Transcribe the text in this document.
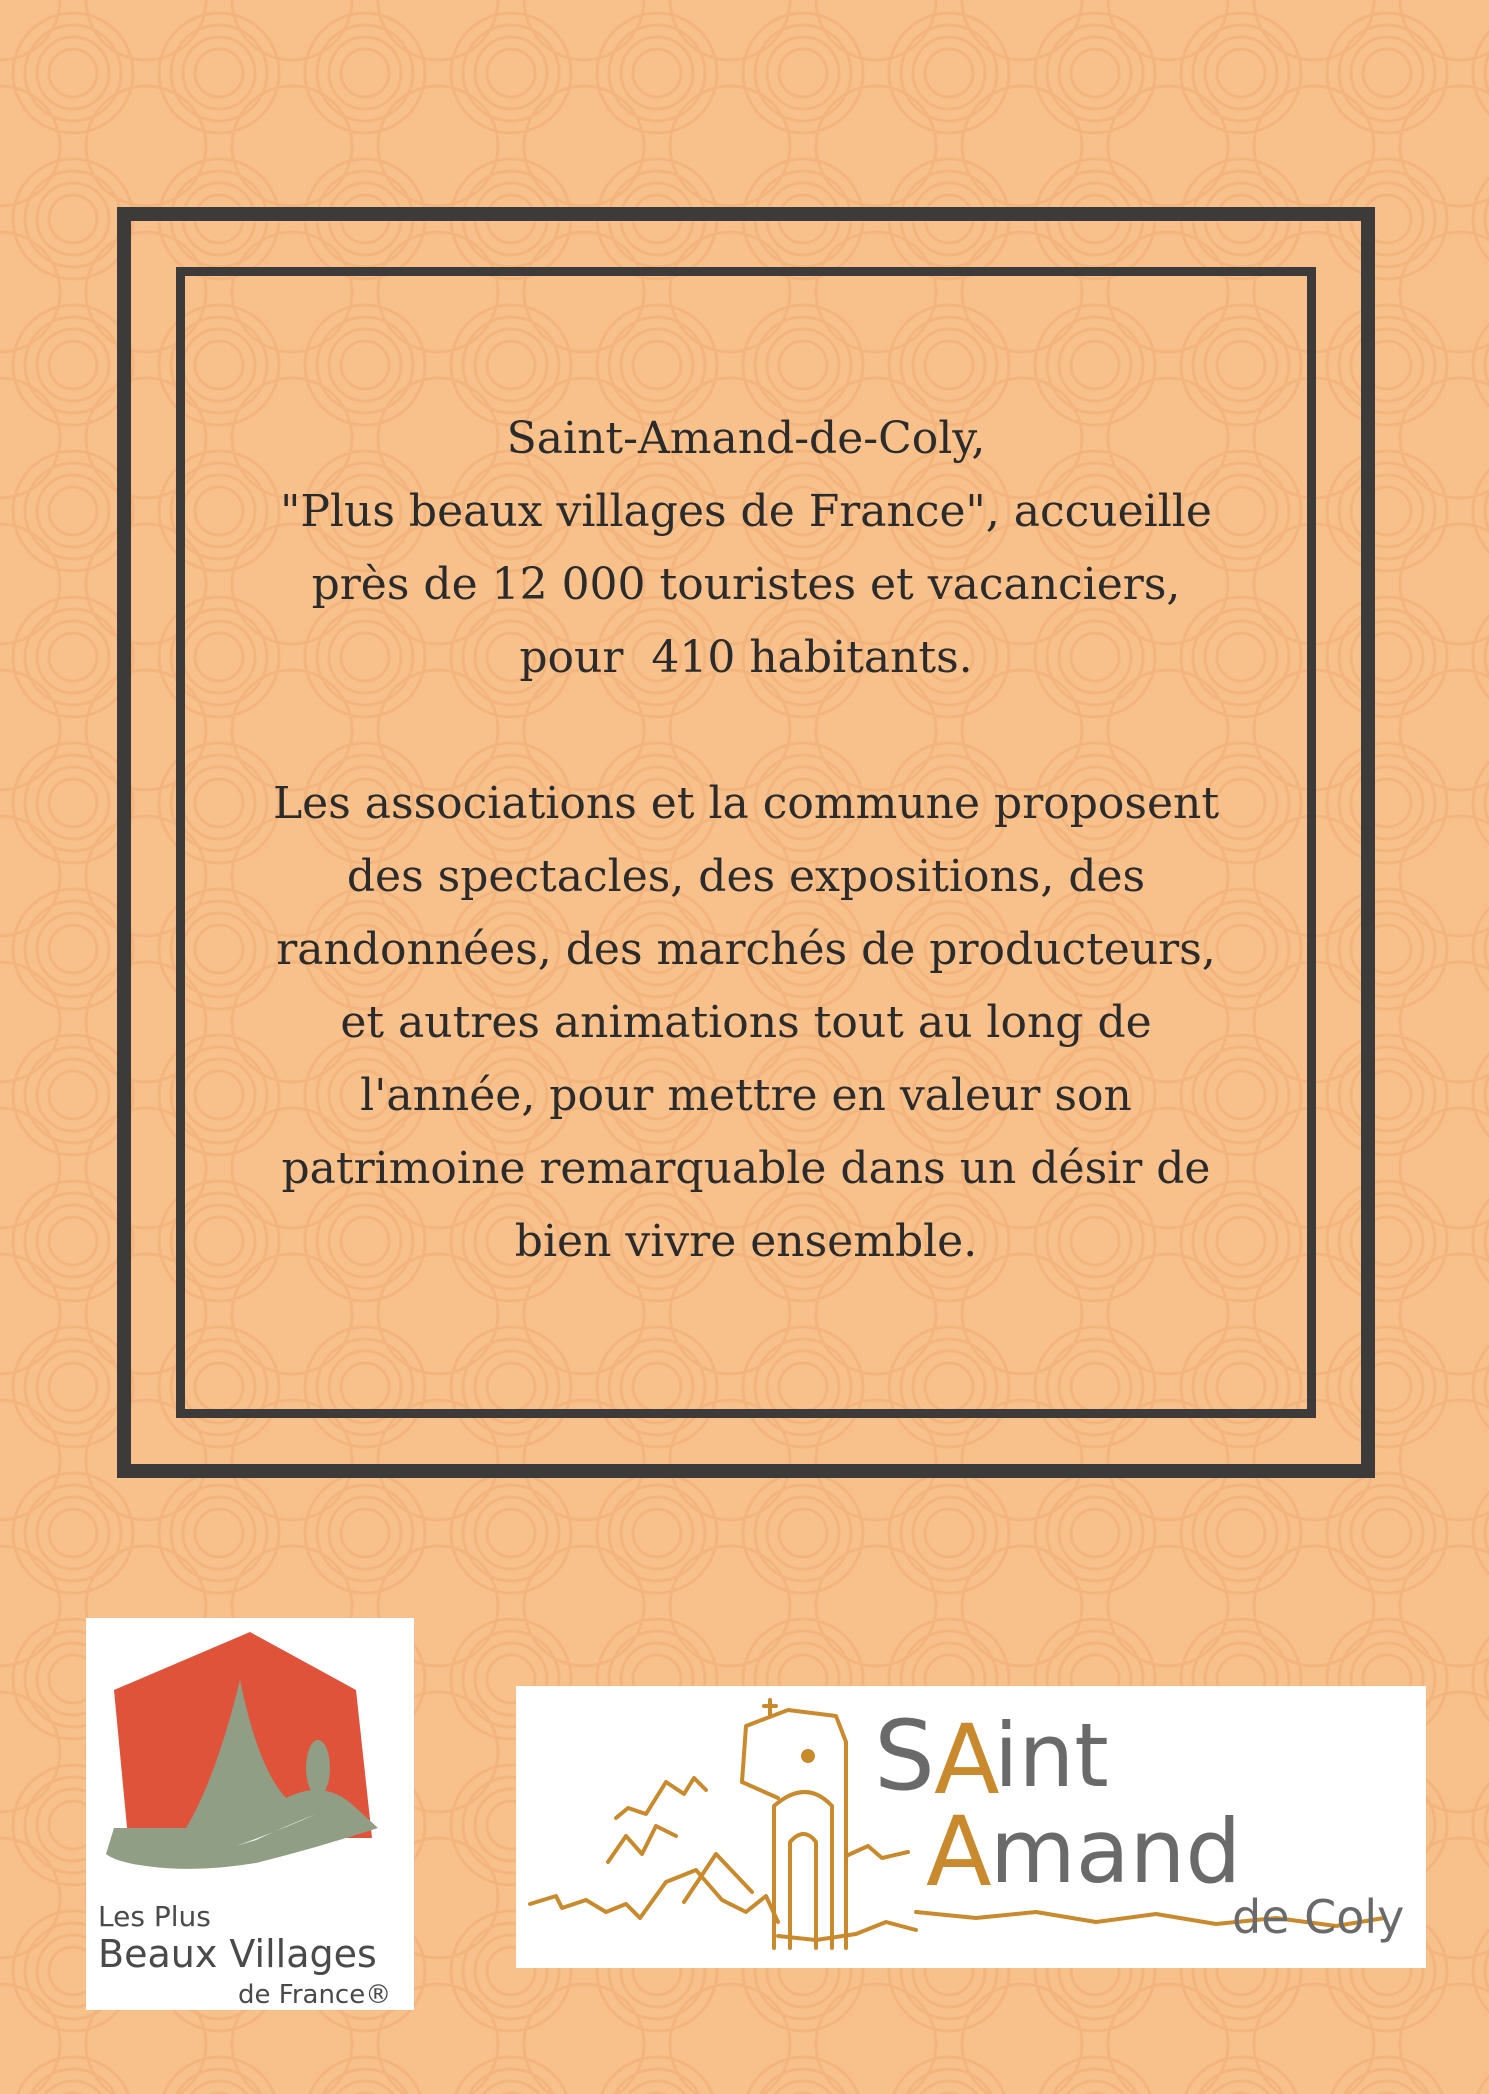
Saint-Amand-de-Coly,
"Plus beaux villages de France", accueille
près de 12 000 touristes et vacanciers,
pour  410 habitants.
Les associations et la commune proposent
des spectacles, des expositions, des
randonnées, des marchés de producteurs,
et autres animations tout au long de
l'année, pour mettre en valeur son
patrimoine remarquable dans un désir de
bien vivre ensemble.
Les Plus
Beaux Villages
de France®
S A
int
A
mand
de Coly
